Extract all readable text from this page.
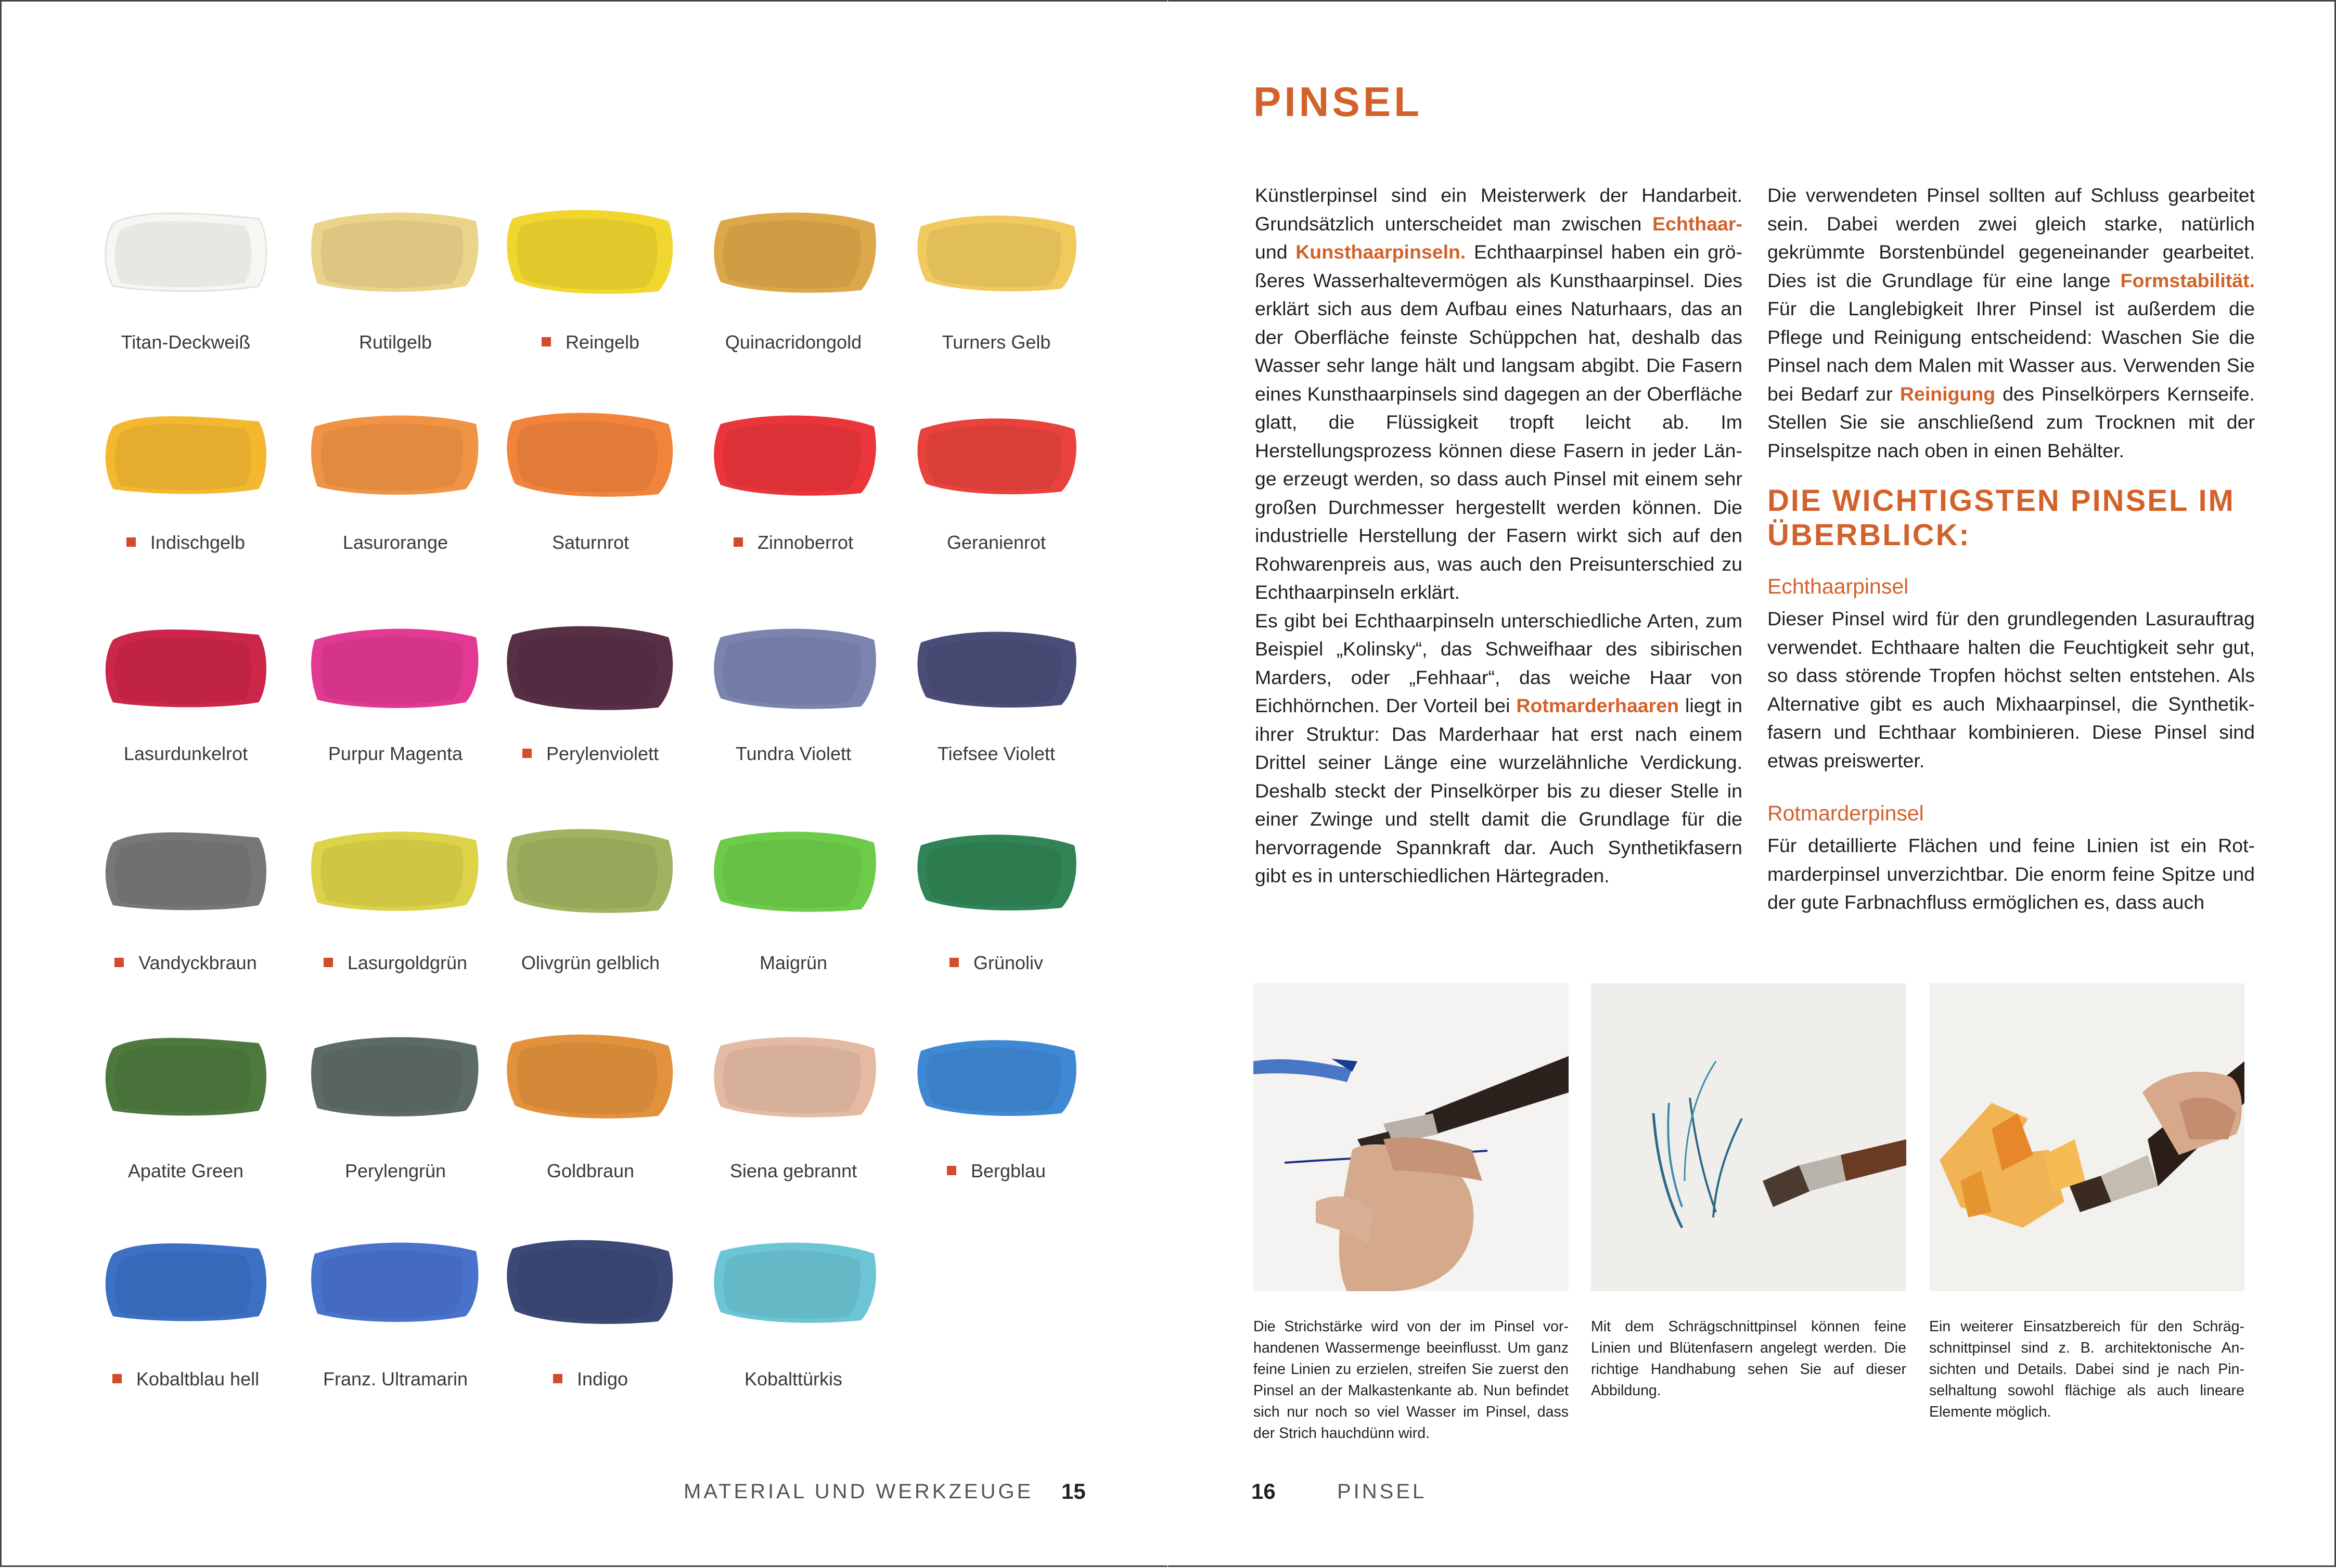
Titan-Deckweiß	Rutilgelb	Reingelb	Quinacridongold	Turners Gelb
Indischgelb	Lasurorange	Saturnrot	Zinnoberrot	Geranienrot
Lasurdunkelrot	Purpur Magenta	Perylenviolett	Tundra Violett	Tiefsee Violett
Vandyckbraun	Lasurgoldgrün	Olivgrün gelblich	Maigrün	Grünoliv
Apatite Green	Perylengrün	Goldbraun	Siena gebrannt	Bergblau
Kobaltblau hell	Franz. Ultramarin	Indigo	Kobalttürkis
MATERIAL UND WERKZEUGE 15
PINSEL
Künstlerpinsel sind ein Meisterwerk der Handarbeit. Grundsätzlich unterscheidet man zwischen Echthaar- und Kunsthaarpinseln. Echthaarpinsel haben ein größeres Wasserhaltevermögen als Kunsthaarpinsel. Dies erklärt sich aus dem Aufbau eines Naturhaars, das an der Oberfläche feinste Schüppchen hat, deshalb das Wasser sehr lange hält und langsam abgibt. Die Fasern eines Kunsthaarpinsels sind dagegen an der Oberfläche glatt, die Flüssigkeit tropft leicht ab. Im Herstellungsprozess können diese Fasern in jeder Länge erzeugt werden, so dass auch Pinsel mit einem sehr großen Durchmesser hergestellt werden können. Die industrielle Herstellung der Fasern wirkt sich auf den Rohwarenpreis aus, was auch den Preisunterschied zu Echthaarpinseln erklärt.
Es gibt bei Echthaarpinseln unterschiedliche Arten, zum Beispiel „Kolinsky“, das Schweifhaar des sibirischen Marders, oder „Fehhaar“, das weiche Haar von Eichhörnchen. Der Vorteil bei Rotmarderhaaren liegt in ihrer Struktur: Das Marderhaar hat erst nach einem Drittel seiner Länge eine wurzelähnliche Verdickung. Deshalb steckt der Pinselkörper bis zu dieser Stelle in einer Zwinge und stellt damit die Grundlage für die hervorragende Spannkraft dar. Auch Synthetikfasern gibt es in unterschiedlichen Härtegraden.
Die verwendeten Pinsel sollten auf Schluss gearbeitet sein. Dabei werden zwei gleich starke, natürlich gekrümmte Borstenbündel gegeneinander gearbeitet. Dies ist die Grundlage für eine lange Formstabilität. Für die Langlebigkeit Ihrer Pinsel ist außerdem die Pflege und Reinigung entscheidend: Waschen Sie die Pinsel nach dem Malen mit Wasser aus. Verwenden Sie bei Bedarf zur Reinigung des Pinselkörpers Kernseife. Stellen Sie sie anschließend zum Trocknen mit der Pinselspitze nach oben in einen Behälter.
DIE WICHTIGSTEN PINSEL IM ÜBERBLICK:
Echthaarpinsel
Dieser Pinsel wird für den grundlegenden Lasurauftrag verwendet. Echthaare halten die Feuchtigkeit sehr gut, so dass störende Tropfen höchst selten entstehen. Als Alternative gibt es auch Mixhaarpinsel, die Synthetikfasern und Echthaar kombinieren. Diese Pinsel sind etwas preiswerter.
Rotmarderpinsel
Für detaillierte Flächen und feine Linien ist ein Rotmarderpinsel unverzichtbar. Die enorm feine Spitze und der gute Farbnachfluss ermöglichen es, dass auch
Die Strichstärke wird von der im Pinsel vorhandenen Wassermenge beeinflusst. Um ganz feine Linien zu erzielen, streifen Sie zuerst den Pinsel an der Malkastenkante ab. Nun befindet sich nur noch so viel Wasser im Pinsel, dass der Strich hauchdünn wird.
Mit dem Schrägschnittpinsel können feine Linien und Blütenfasern angelegt werden. Die richtige Handhabung sehen Sie auf dieser Abbildung.
Ein weiterer Einsatzbereich für den Schrägschnittpinsel sind z. B. architektonische Ansichten und Details. Dabei sind je nach Pinselhaltung sowohl flächige als auch lineare Elemente möglich.
16	PINSEL
